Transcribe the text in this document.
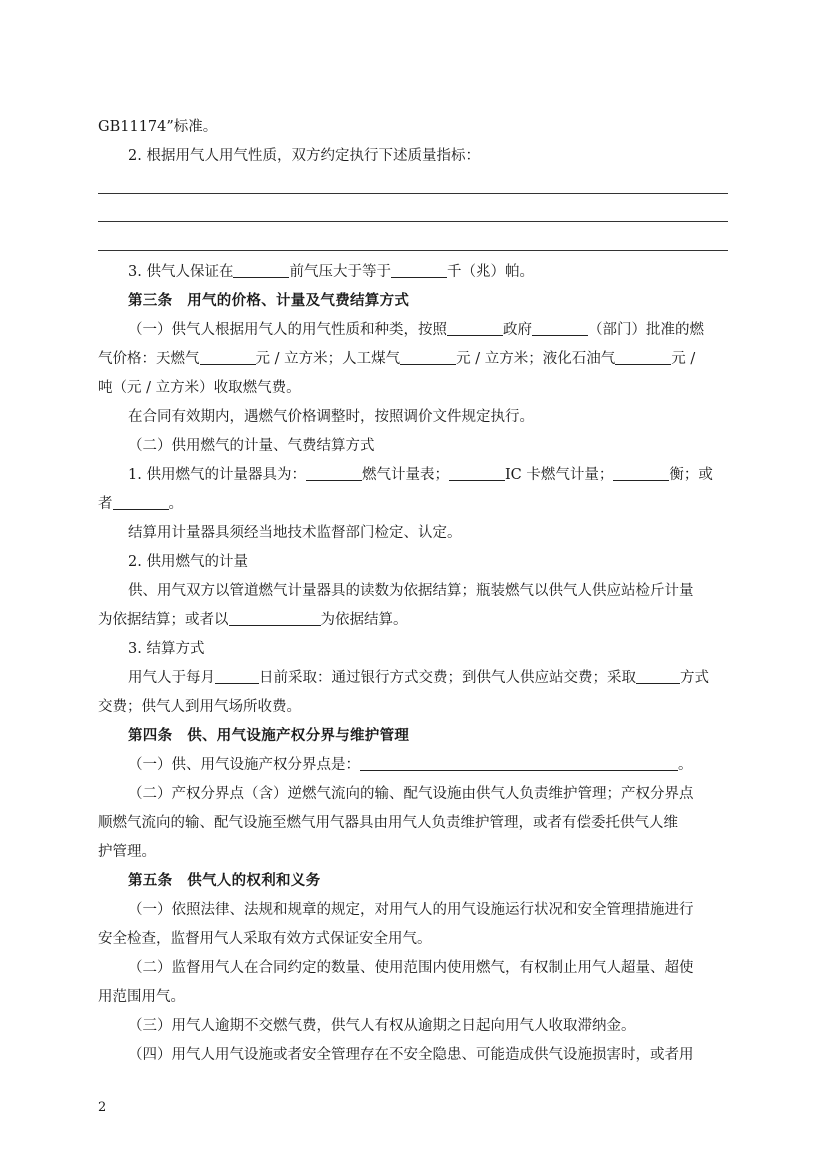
GB11174”标准。
2. 根据用气人用气性质，双方约定执行下述质量指标：
3. 供气人保证在	前气压大于等于	千（兆）帕。
第三条　用气的价格、计量及气费结算方式
（一）供气人根据用气人的用气性质和种类，按照	政府	（部门）批准的燃
气价格：天燃气	元 / 立方米；人工煤气	元 / 立方米；液化石油气	元 /
吨（元 / 立方米）收取燃气费。
在合同有效期内，遇燃气价格调整时，按照调价文件规定执行。
（二）供用燃气的计量、气费结算方式
1. 供用燃气的计量器具为：	燃气计量表；	IC 卡燃气计量；	衡；或
者	。
结算用计量器具须经当地技术监督部门检定、认定。
2. 供用燃气的计量
供、用气双方以管道燃气计量器具的读数为依据结算；瓶装燃气以供气人供应站检斤计量
为依据结算；或者以	为依据结算。
3. 结算方式
用气人于每月	日前采取：通过银行方式交费；到供气人供应站交费；采取	方式
交费；供气人到用气场所收费。
第四条　供、用气设施产权分界与维护管理
（一）供、用气设施产权分界点是：	。
（二）产权分界点（含）逆燃气流向的输、配气设施由供气人负责维护管理；产权分界点
顺燃气流向的输、配气设施至燃气用气器具由用气人负责维护管理，或者有偿委托供气人维
护管理。
第五条　供气人的权利和义务
（一）依照法律、法规和规章的规定，对用气人的用气设施运行状况和安全管理措施进行
安全检查，监督用气人采取有效方式保证安全用气。
（二）监督用气人在合同约定的数量、使用范围内使用燃气，有权制止用气人超量、超使
用范围用气。
（三）用气人逾期不交燃气费，供气人有权从逾期之日起向用气人收取滞纳金。
（四）用气人用气设施或者安全管理存在不安全隐患、可能造成供气设施损害时，或者用
2
